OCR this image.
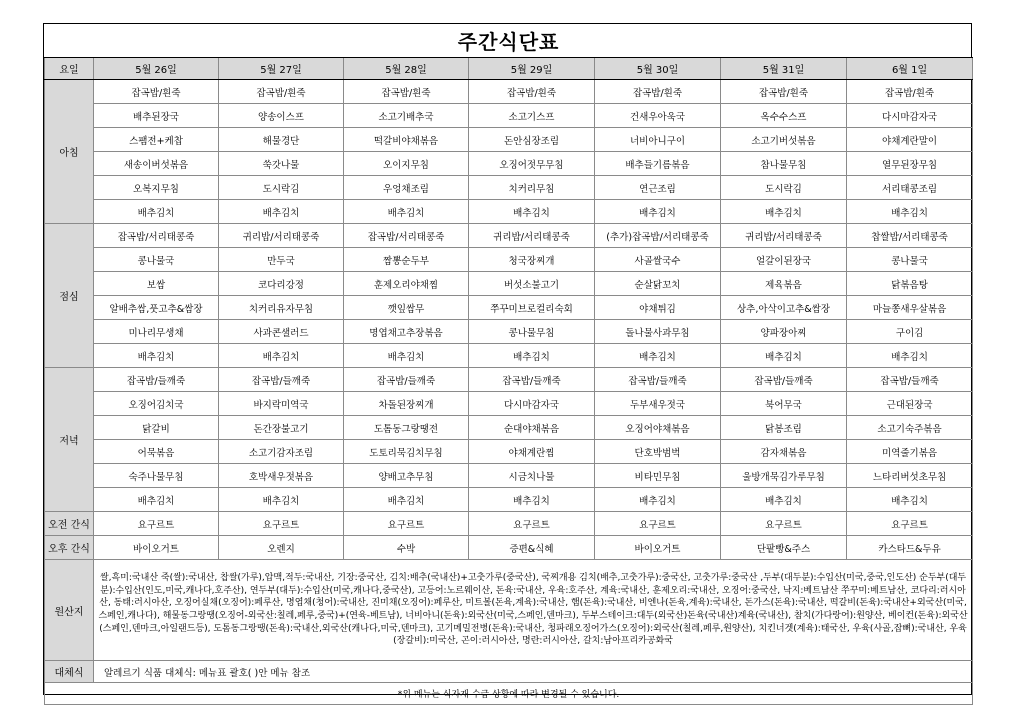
주간식단표							
요일	5월 26일	5월 27일	5월 28일	5월 29일	5월 30일	5월 31일	6월 1일
아침	잡곡밥/흰죽	잡곡밥/흰죽	잡곡밥/흰죽	잡곡밥/흰죽	잡곡밥/흰죽	잡곡밥/흰죽	잡곡밥/흰죽
	배추된장국	양송이스프	소고기배추국	소고기스프	건새우아욱국	옥수수스프	다시마감자국
	스팸전+케찹	해물경단	떡갈비야채볶음	돈안심장조림	너비아니구이	소고기버섯볶음	야채계란말이
	새송이버섯볶음	쑥갓나물	오이지무침	오징어젓무무침	배추들기름볶음	참나물무침	열무된장무침
	오복지무침	도시락김	우엉채조림	치커리무침	연근조림	도시락김	서리태콩조림
	배추김치	배추김치	배추김치	배추김치	배추김치	배추김치	배추김치
점심	잡곡밥/서리태콩죽	귀리밥/서리태콩죽	잡곡밥/서리태콩죽	귀리밥/서리태콩죽	(추가)잡곡밥/서리태콩죽	귀리밥/서리태콩죽	찹쌀밥/서리태콩죽
	콩나물국	만두국	짬뽕순두부	청국장찌개	사골쌀국수	얼갈이된장국	콩나물국
	보쌈	코다리강정	훈제오리야채찜	버섯소불고기	순살닭꼬치	제육볶음	닭볶음탕
	알배추쌈,풋고추&쌈장	치커리유자무침	깻잎쌈무	쭈꾸미브로컬리숙회	야채튀김	상추,아삭이고추&쌈장	마늘쫑새우살볶음
	미나리무생채	사과콘샐러드	명엽채고추장볶음	콩나물무침	돌나물사과무침	양파장아찌	구이김
	배추김치	배추김치	배추김치	배추김치	배추김치	배추김치	배추김치
저녁	잡곡밥/들깨죽	잡곡밥/들깨죽	잡곡밥/들깨죽	잡곡밥/들깨죽	잡곡밥/들깨죽	잡곡밥/들깨죽	잡곡밥/들깨죽
	오징어김치국	바지락미역국	차돌된장찌개	다시마감자국	두부새우젓국	북어무국	근대된장국
	닭갈비	돈간장불고기	도톰동그랑땡전	순대야채볶음	오징어야채볶음	닭봉조림	소고기숙주볶음
	어묵볶음	소고기감자조림	도토리묵김치무침	야채계란찜	단호박범벅	감자채볶음	미역줄기볶음
	숙주나물무침	호박새우젓볶음	양배고추무침	시금치나물	비타민무침	울방개묵김가루무침	느타리버섯초무침
	배추김치	배추김치	배추김치	배추김치	배추김치	배추김치	배추김치
오전 간식	요구르트	요구르트	요구르트	요구르트	요구르트	요구르트	요구르트
오후 간식	바이오거트	오렌지	수박	증편&식혜	바이오거트	단팥빵&주스	카스타드&두유
원산지	쌀,흑미:국내산 죽(쌀):국내산, 찹쌀(가루),압맥,적두:국내산, 기장:중국산, 김치:배추(국내산)+고춧가루(중국산), 국찌개용 김치(배추,고춧가루):중국산, 고춧가루:중국산 ,두부(대두분):수입산(미국,중국,인도산) 순두부(대두분):수입산(인도,미국,캐나다,호주산), 연두부(대두):수입산(미국,캐나다,중국산), 고등어:노르웨이산, 돈육:국내산, 우육:호주산, 계육:국내산, 훈제오리:국내산, 오징어:중국산, 낙지:베트남산 쭈꾸미:베트남산, 코다리:러시아산, 동태:러시아산, 오징어실채(오징어):페루산, 명엽채(청어):국내산, 진미채(오징어):페루산, 미트볼(돈육,계육):국내산, 햄(돈육):국내산, 비엔나(돈육,계육):국내산, 돈가스(돈육):국내산, 떡갈비(돈육):국내산+외국산(미국,스페인,캐나다), 해물동그랑땡(오징어-외국산:칠레,페루,중국)+(연육-베트남), 너비아니(돈육):외국산(미국,스페인,덴마크), 두부스테이크:대두(외국산)돈육(국내산)계육(국내산), 참치(가다랑어):원양산, 베이컨(돈육):외국산(스페인,덴마크,아일랜드등), 도톰동그랑땡(돈육):국내산,외국산(캐나다,미국,덴마크), 고기메밀전병(돈육):국내산, 청파래오징어가스(오징어):외국산(칠레,페루,원양산), 치킨너겟(계육):태국산, 우육(사골,잡뼈):국내산, 우육(장갈비):미국산, 곤이:러시아산, 명란:러시아산, 갈치:남아프리카공화국						
대체식	알레르기 식품 대체식: 메뉴표 괄호( )안 메뉴 참조						
*위 메뉴는 식자재 수급 상황에 따라 변경될 수 있습니다.							
